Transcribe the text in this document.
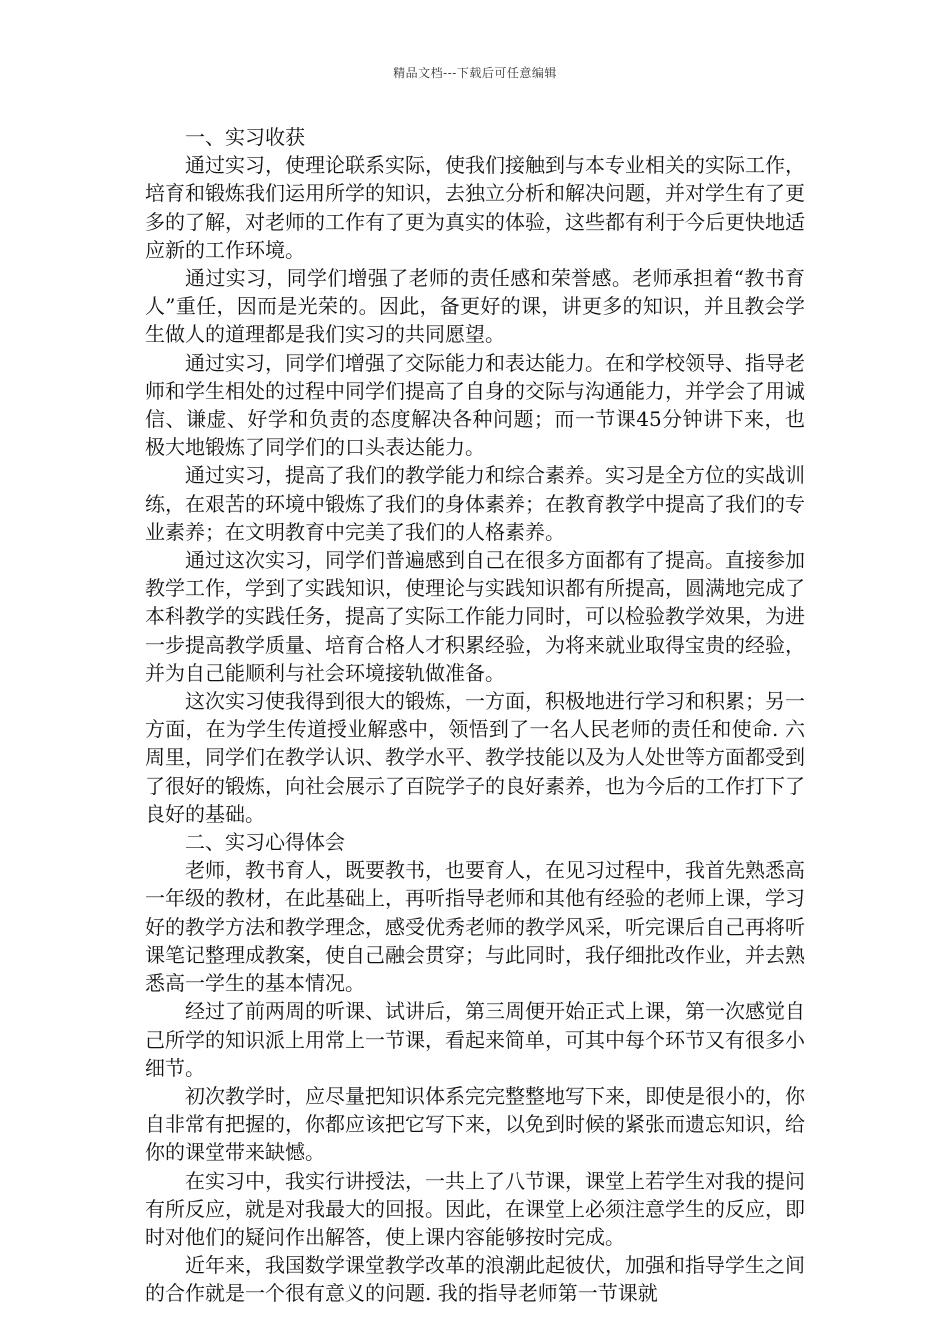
精品文档---下载后可任意编辑
一、实习收获

通过实习，使理论联系实际，使我们接触到与本专业相关的实际工作，培育和锻炼我们运用所学的知识，去独立分析和解决问题，并对学生有了更多的了解，对老师的工作有了更为真实的体验，这些都有利于今后更快地适应新的工作环境。

通过实习，同学们增强了老师的责任感和荣誉感。老师承担着“教书育人”重任，因而是光荣的。因此，备更好的课，讲更多的知识，并且教会学生做人的道理都是我们实习的共同愿望。

通过实习，同学们增强了交际能力和表达能力。在和学校领导、指导老师和学生相处的过程中同学们提高了自身的交际与沟通能力，并学会了用诚信、谦虚、好学和负责的态度解决各种问题；而一节课45分钟讲下来，也极大地锻炼了同学们的口头表达能力。

通过实习，提高了我们的教学能力和综合素养。实习是全方位的实战训练，在艰苦的环境中锻炼了我们的身体素养；在教育教学中提高了我们的专业素养；在文明教育中完美了我们的人格素养。

通过这次实习，同学们普遍感到自己在很多方面都有了提高。直接参加教学工作，学到了实践知识，使理论与实践知识都有所提高，圆满地完成了本科教学的实践任务，提高了实际工作能力同时，可以检验教学效果，为进一步提高教学质量、培育合格人才积累经验，为将来就业取得宝贵的经验，并为自己能顺利与社会环境接轨做准备。

这次实习使我得到很大的锻炼，一方面，积极地进行学习和积累；另一方面，在为学生传道授业解惑中，领悟到了一名人民老师的责任和使命. 六周里，同学们在教学认识、教学水平、教学技能以及为人处世等方面都受到了很好的锻炼，向社会展示了百院学子的良好素养，也为今后的工作打下了良好的基础。

二、实习心得体会

老师，教书育人，既要教书，也要育人，在见习过程中，我首先熟悉高一年级的教材，在此基础上，再听指导老师和其他有经验的老师上课，学习好的教学方法和教学理念，感受优秀老师的教学风采，听完课后自己再将听课笔记整理成教案，使自己融会贯穿；与此同时，我仔细批改作业，并去熟悉高一学生的基本情况。

经过了前两周的听课、试讲后，第三周便开始正式上课，第一次感觉自己所学的知识派上用常上一节课，看起来简单，可其中每个环节又有很多小细节。

初次教学时，应尽量把知识体系完完整整地写下来，即使是很小的，你自非常有把握的，你都应该把它写下来，以免到时候的紧张而遗忘知识，给你的课堂带来缺憾。

在实习中，我实行讲授法，一共上了八节课，课堂上若学生对我的提问有所反应，就是对我最大的回报。因此，在课堂上必须注意学生的反应，即时对他们的疑问作出解答，使上课内容能够按时完成。

近年来，我国数学课堂教学改革的浪潮此起彼伏，加强和指导学生之间的合作就是一个很有意义的问题. 我的指导老师第一节课就
